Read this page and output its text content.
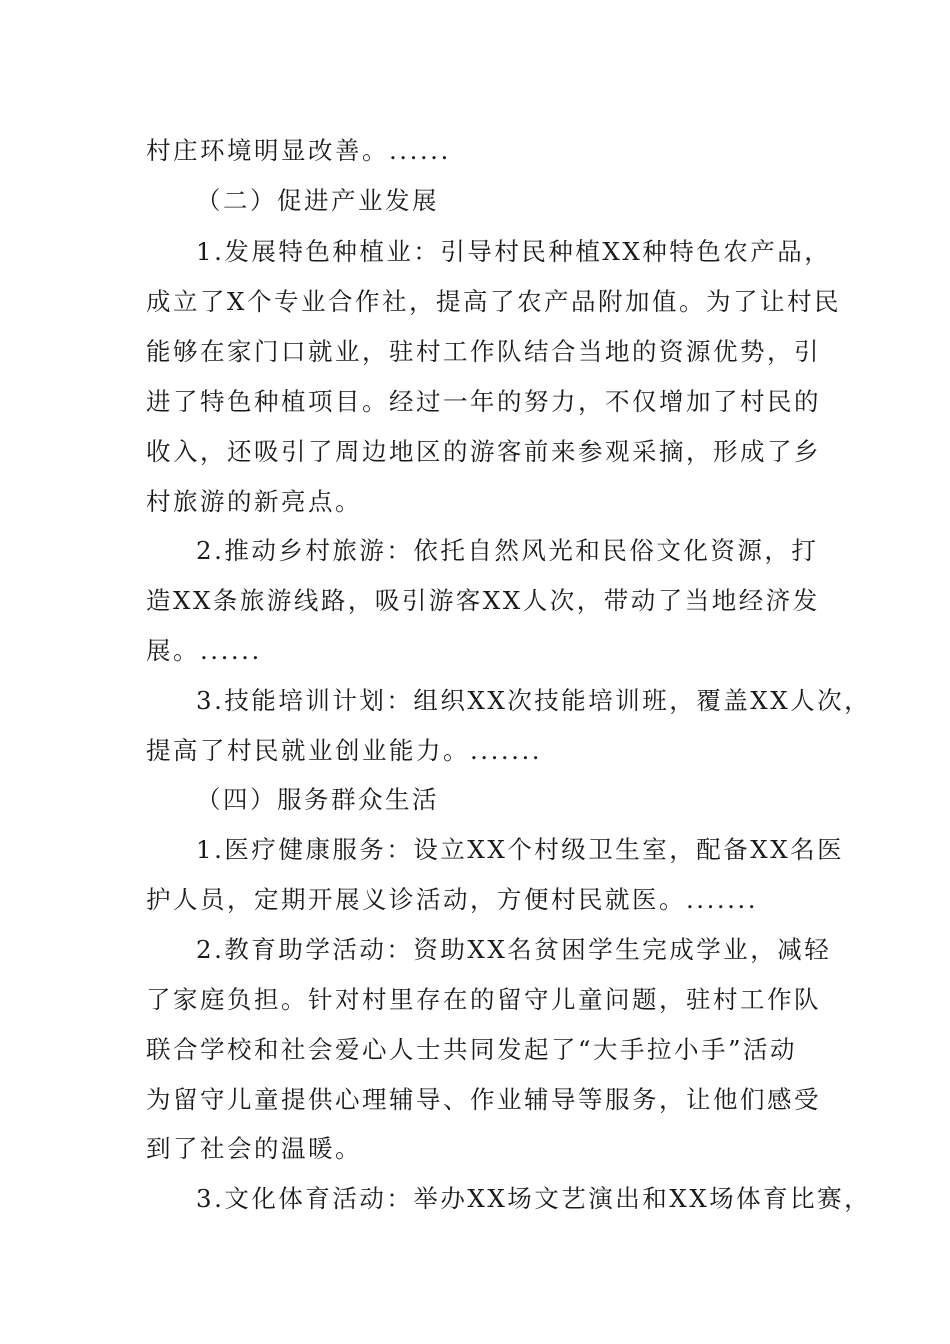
村庄环境明显改善。......
（二）促进产业发展
1.发展特色种植业：引导村民种植XX种特色农产品，
成立了X个专业合作社，提高了农产品附加值。为了让村民
能够在家门口就业，驻村工作队结合当地的资源优势，引
进了特色种植项目。经过一年的努力，不仅增加了村民的
收入，还吸引了周边地区的游客前来参观采摘，形成了乡
村旅游的新亮点。
2.推动乡村旅游：依托自然风光和民俗文化资源，打
造XX条旅游线路，吸引游客XX人次，带动了当地经济发
展。......
3.技能培训计划：组织XX次技能培训班，覆盖XX人次，
提高了村民就业创业能力。.......
（四）服务群众生活
1.医疗健康服务：设立XX个村级卫生室，配备XX名医
护人员，定期开展义诊活动，方便村民就医。.......
2.教育助学活动：资助XX名贫困学生完成学业，减轻
了家庭负担。针对村里存在的留守儿童问题，驻村工作队
联合学校和社会爱心人士共同发起了“大手拉小手”活动
为留守儿童提供心理辅导、作业辅导等服务，让他们感受
到了社会的温暖。
3.文化体育活动：举办XX场文艺演出和XX场体育比赛，
